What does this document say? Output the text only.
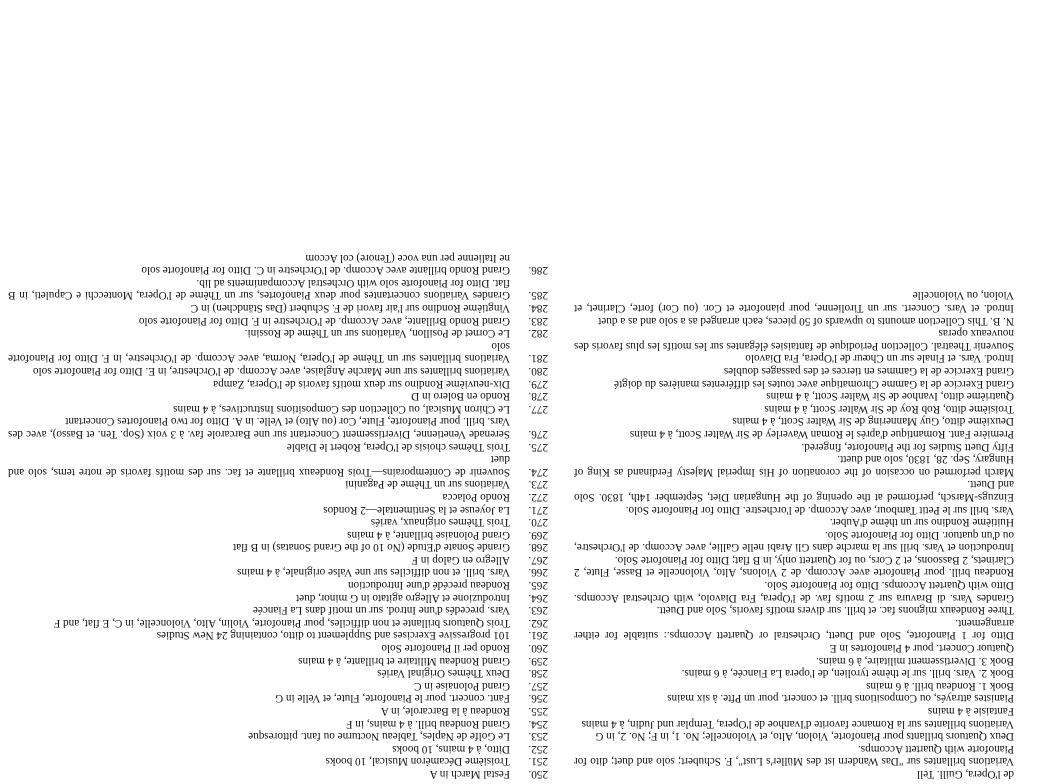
de l'Opera, Guill. Tell
Variations brillantes sur "Das Wandern ist des Müller's Lust", F. Schubert; solo and duet; dito for Pianoforte with Quartett Accomps.
Deux Quatuors brillants pour Pianoforte, Violon, Alto, et Violoncelle; No. 1, in F; No. 2, in G
Variations brillantes sur la Romance favorite d'Ivanhoe de l'Opera, Templar und Judin, à 4 mains
Fantaisie à 4 mains
Pianistes attrayés, ou Compositions brill. et concert. pour un Pfte. à six mains
Book 1. Rondeau brill. à 6 mains
Book 2. Vars. brill. sur le thème tyrolien, de l'opera La Fiancée, à 6 mains.
Book 3. Divertissement militaire, à 6 mains.
Quatuor Concert. pour 4 Pianofortes in E
Ditto for 1 Pianoforte, Solo and Duett, Orchestral or Quartett Accomps.: suitable for either arrangement.
Three Rondeaux mignons fac. et brill. sur divers motifs favoris, Solo and Duett.
Grandes Vars. di Bravura sur 2 motifs fav. de l'Opera, Fra Diavolo, with Orchestral Accomps. Ditto with Quartett Accomps. Ditto for Pianoforte Solo.
Rondeau brill. pour Pianoforte avec Accomp. de 2 Violons, Alto, Violoncelle et Basse, Flute, 2 Clarinets, 2 Bassoons, et 2 Cors, ou for Quartett only, in B flat; Ditto for Pianoforte Solo.
Introduction et Vars. brill sur la marche dans Gli Arabi nelle Gallie, avec Accomp. de l'Orchestre, ou d'un quatuor. Ditto for Pianoforte Solo.
Huitième Rondino sur un thème d'Auber.
Vars. brill sur le Petit Tambour, avec Accomp. de l'orchestre. Ditto for Pianoforte Solo.
Einzugs-Marsch, performed at the opening of the Hungarian Diet, September 14th, 1830. Solo and Duett.
March performed on occasion of the coronation of His Imperial Majesty Ferdinand as King of Hungary, Sep. 28, 1830, solo and duett.
Fifty Duett Studies for the Pianoforte, fingered.
Première Fant. Romantique d'après le Roman Waverley de Sir Walter Scott, à 4 mains
Deuxième ditto, Guy Mannering de Sir Walter Scott, à 4 mains
Troisième ditto, Rob Roy de Sir Walter Scott, à 4 mains
Quatrième ditto, Ivanhoe de Sir Walter Scott, à 4 mains
Grand Exercice de la Gamme Chromatique avec toutes les différentes manières du doigté
Grand Exercice de la Gammes en tierces et des passages doubles
Introd. Vars. et Finale sur un Chœur de l'Opera, Fra Diavolo
Souvenir Theatral. Collection Periodique de fantaisies élégantes sur les motifs les plus favoris des nouveaux operas
N. B. This Collection amounts to upwards of 50 pieces, each arranged as a solo and as a duet
Introd. et Vars. Concert. sur un Tirolienne, pour pianoforte et Cor. (ou Cor) forte, Clarinet, et Violon, ou Violoncelle
250.
Festal March in A
251.
Troisième Décaméron Musical, 10 books
252.
Ditto, à 4 mains, 10 books
253.
Le Golfe de Naples, Tableau Nocturne ou fant. pittoresque
254.
Grand Rondeau brill. à 4 mains, in F
255.
Rondeau à la Barcarole, in A
256.
Fant. concert. pour le Pianoforte, Flute, et Velle in G
257.
Grand Polonaise in C
258.
Deux Thèmes Original Variés
259.
Grand Rondeau Militaire et brillante, à 4 mains
260.
Rondo per il Pianoforte Solo
261.
101 progressive Exercises and Supplement to ditto, containing 24 New Studies
262.
Trois Quatuors brillante et non difficiles, pour Pianoforte, Violin, Alto, Violoncelle, in C, E flat, and F
263.
Vars. precedés d'une Introd. sur un motif dans La Fiancée
264.
Introduzione et Allegro agitato in G minor, duet
265.
Rondeau precédé d'une Introduction
266.
Vars. brill. et non difficiles sur une Valse originale, à 4 mains
267.
Allegro en Galop in F
268.
Grande Sonate d'Etude (No 10 of the Grand Sonatas) in B flat
269.
Grand Polonaise brillante, à 4 mains
270.
Trois Thèmes originaux, variés
271.
La Joyeuse et la Sentimentale—2 Rondos
272.
Rondo Polacca
273.
Variations sur un Thème de Paganini
274.
Souvenir de Contemporains—Trois Rondeaux brillante et fac. sur des motifs favoris de notre tems, solo and duet
275.
Trois Thèmes choisis de l'Opera, Robert le Diable
276.
Serenade Venetienne, Divertissement Concertant sur une Barcarole fav. à 3 voix (Sop. Ten. et Basso), avec des Vars. brill. pour Pianoforte, Flute, Cor (ou Alto) et Velle. in A. Ditto for two Pianofortes Concertant
277.
Le Chiron Musical, ou Collection des Compositions Instructives, à 4 mains
278.
Rondo en Bolero in D
279.
Dix-neuvième Rondino sur deux motifs favoris de l'Opera, Zampa
280.
Variations brillantes sur une Marche Anglaise, avec Accomp. de l'Orchestre, in E. Ditto for Pianoforte solo
281.
Variations brillantes sur un Thème de l'Opera, Norma, avec Accomp. de l'Orchestre, in F. Ditto for Pianoforte solo
282.
Le Cornet de Posillon, Variations sur un Thème de Rossini.
283.
Grand Rondo Brillante, avec Accomp. de l'Orchestre in F. Ditto for Pianoforte solo
284.
Vingtième Rondino sur l'air favori de F. Schubert (Das Ständchen) in C
285.
Grandes Variations concertantes pour deux Pianofortes, sur un Thème de l'Opera, Montecchi e Capuleti, in B flat. Ditto for Pianoforte solo with Orchestral Accompaniments ad lib.
286.
Grand Rondo brillante avec Accomp. de l'Orchestre in C. Ditto for Pianoforte solo
ne Italienne per una voce (Tenore) col Accom
